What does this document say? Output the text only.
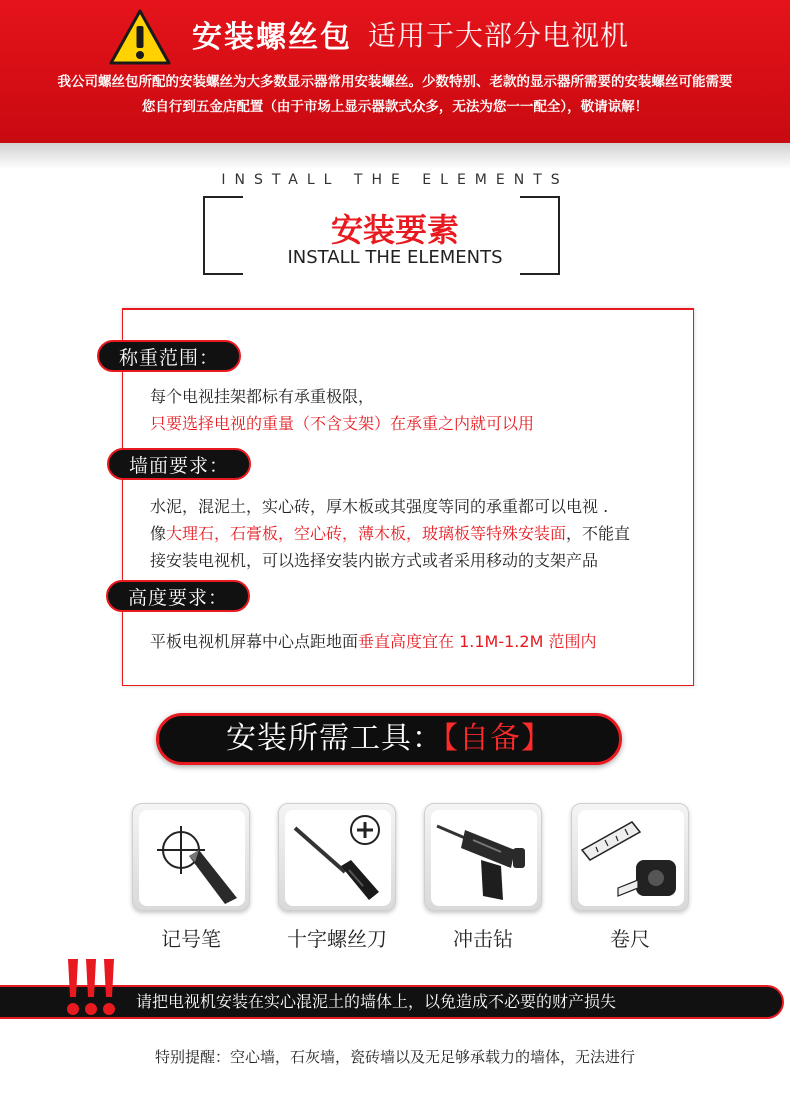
安装螺丝包 适用于大部分电视机
我公司螺丝包所配的安装螺丝为大多数显示器常用安装螺丝。少数特别、老款的显示器所需要的安装螺丝可能需要
您自行到五金店配置（由于市场上显示器款式众多，无法为您一一配全），敬请谅解！
INSTALL THE ELEMENTS
安装要素
INSTALL THE ELEMENTS
称重范围：
每个电视挂架都标有承重极限，
只要选择电视的重量（不含支架）在承重之内就可以用
墙面要求：
水泥，混泥土，实心砖，厚木板或其强度等同的承重都可以电视 .
像大理石，石膏板，空心砖，薄木板，玻璃板等特殊安装面，不能直
接安装电视机，可以选择安装内嵌方式或者采用移动的支架产品
高度要求：
平板电视机屏幕中心点距地面垂直高度宜在 1.1M-1.2M 范围内
安装所需工具：【自备】
记号笔	十字螺丝刀	冲击钻	卷尺
请把电视机安装在实心混泥土的墙体上，以免造成不必要的财产损失
特别提醒：空心墙，石灰墙，瓷砖墙以及无足够承载力的墙体，无法进行
